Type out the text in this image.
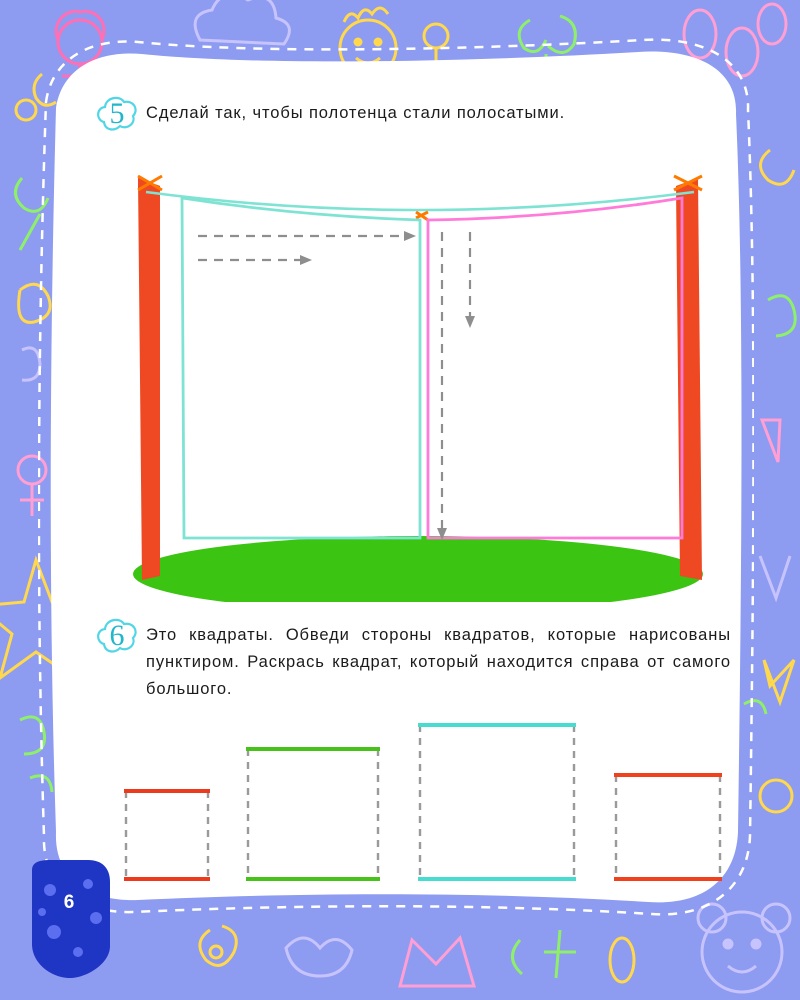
5	Сделай так, чтобы полотенца стали полосатыми.
6	Это квадраты. Обведи стороны квадратов, которые нарисованы пунктиром. Раскрась квадрат, который находится справа от самого большого.
6
